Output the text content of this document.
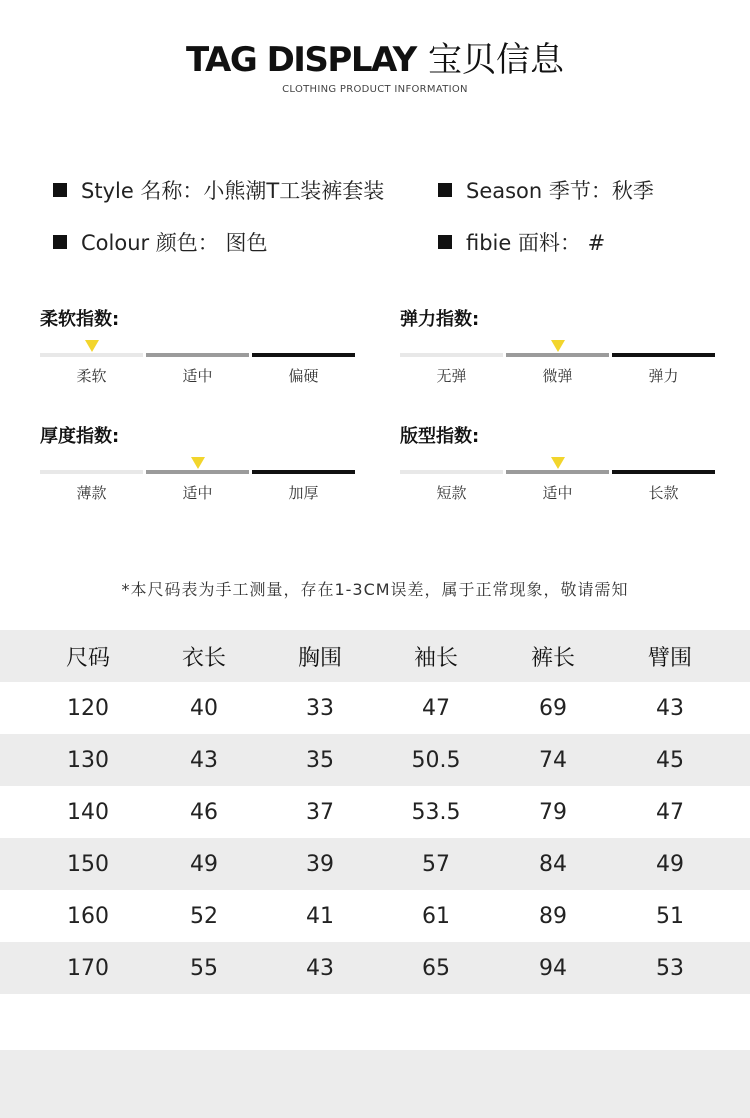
TAG DISPLAY 宝贝信息
CLOTHING PRODUCT INFORMATION
Style 名称：小熊潮T工装裤套装	Season 季节：秋季
Colour 颜色： 图色	fibie 面料： #
柔软指数:
柔软	适中	偏硬
弹力指数:
无弹	微弹	弹力
厚度指数:
薄款	适中	加厚
版型指数:
短款	适中	长款
*本尺码表为手工测量，存在1-3CM误差，属于正常现象，敬请需知
尺码	衣长	胸围	袖长	裤长	臂围
120	40	33	47	69	43
130	43	35	50.5	74	45
140	46	37	53.5	79	47
150	49	39	57	84	49
160	52	41	61	89	51
170	55	43	65	94	53
